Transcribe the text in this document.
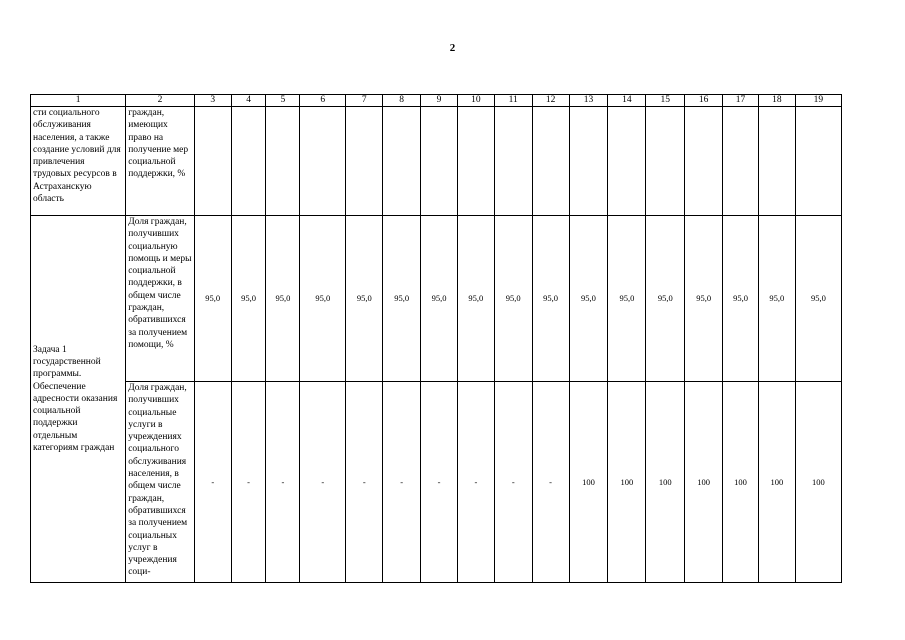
2
1	2	3	4	5	6	7	8	9	10	11	12	13	14	15	16	17	18	19
сти социального обслуживания населения, а также создание условий для привлечения трудовых ресурсов в Астраханскую область	граждан, имеющих право на получение мер социальной поддержки, %																	
Задача 1 государственной программы. Обеспечение адресности оказания социальной поддержки отдельным категориям граждан	Доля граждан, получивших социальную помощь и меры социальной поддержки, в общем числе граждан, обратившихся за получением помощи, %	95,0	95,0	95,0	95,0	95,0	95,0	95,0	95,0	95,0	95,0	95,0	95,0	95,0	95,0	95,0	95,0	95,0
	Доля граждан, получивших социальные услуги в учреждениях социального обслуживания населения, в общем числе граждан, обратившихся за получением социальных услуг в учреждения соци-	-	-	-	-	-	-	-	-	-	-	100	100	100	100	100	100	100
